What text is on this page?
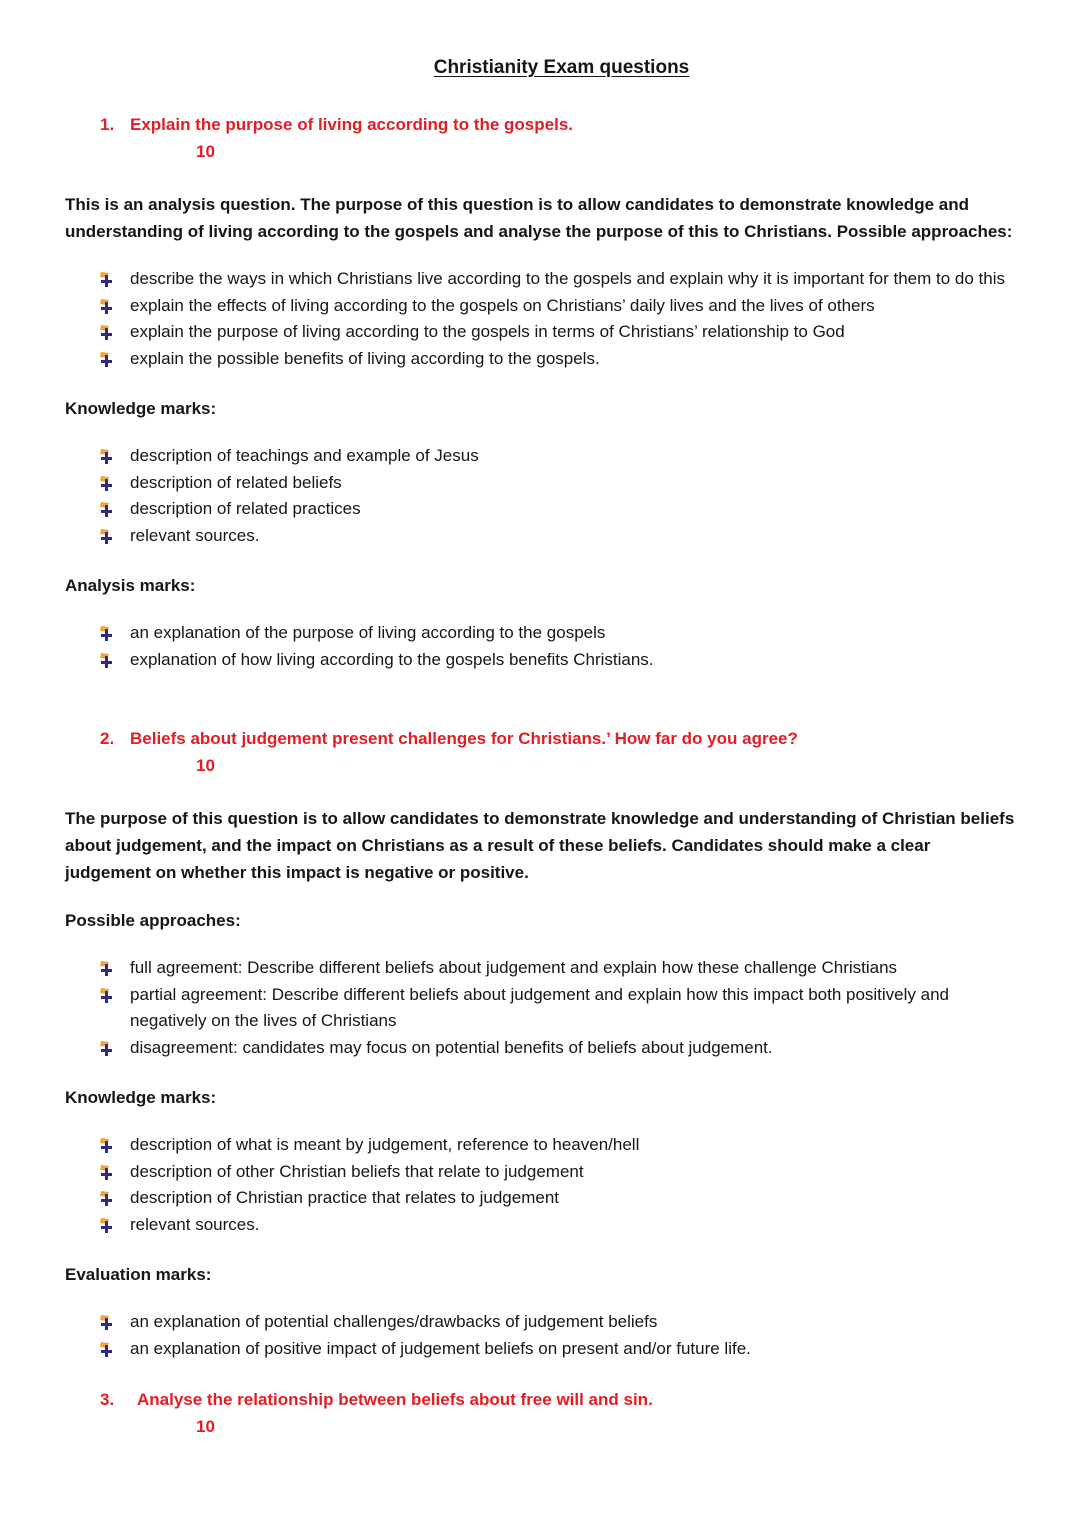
Christianity Exam questions
1. Explain the purpose of living according to the gospels.
10

This is an analysis question. The purpose of this question is to allow candidates to demonstrate knowledge and understanding of living according to the gospels and analyse the purpose of this to Christians. Possible approaches:

describe the ways in which Christians live according to the gospels and explain why it is important for them to do this
explain the effects of living according to the gospels on Christians’ daily lives and the lives of others
explain the purpose of living according to the gospels in terms of Christians’ relationship to God
explain the possible benefits of living according to the gospels.

Knowledge marks:

description of teachings and example of Jesus
description of related beliefs
description of related practices
relevant sources.

Analysis marks:

an explanation of the purpose of living according to the gospels
explanation of how living according to the gospels benefits Christians.
2. Beliefs about judgement present challenges for Christians.’ How far do you agree?
10

The purpose of this question is to allow candidates to demonstrate knowledge and understanding of Christian beliefs about judgement, and the impact on Christians as a result of these beliefs. Candidates should make a clear judgement on whether this impact is negative or positive.

Possible approaches:

full agreement: Describe different beliefs about judgement and explain how these challenge Christians
partial agreement: Describe different beliefs about judgement and explain how this impact both positively and negatively on the lives of Christians
disagreement: candidates may focus on potential benefits of beliefs about judgement.

Knowledge marks:

description of what is meant by judgement, reference to heaven/hell
description of other Christian beliefs that relate to judgement
description of Christian practice that relates to judgement
relevant sources.

Evaluation marks:

an explanation of potential challenges/drawbacks of judgement beliefs
an explanation of positive impact of judgement beliefs on present and/or future life.
3.	Analyse the relationship between beliefs about free will and sin.
10
